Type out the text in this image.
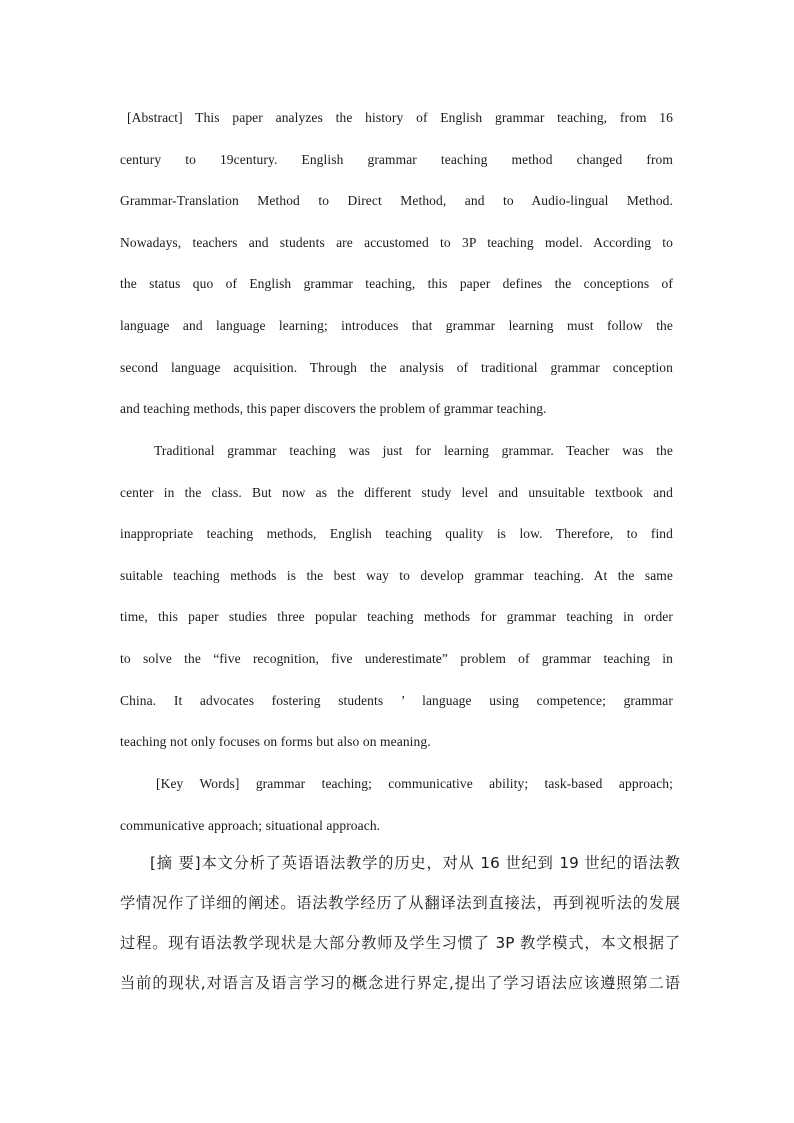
[Abstract] This paper analyzes the history of English grammar teaching, from 16
century to 19century. English grammar teaching method changed from
Grammar-Translation Method to Direct Method, and to Audio-lingual Method.
Nowadays, teachers and students are accustomed to 3P teaching model. According to
the status quo of English grammar teaching, this paper defines the conceptions of
language and language learning; introduces that grammar learning must follow the
second language acquisition. Through the analysis of traditional grammar conception
and teaching methods, this paper discovers the problem of grammar teaching.

Traditional grammar teaching was just for learning grammar. Teacher was the
center in the class. But now as the different study level and unsuitable textbook and
inappropriate teaching methods, English teaching quality is low. Therefore, to find
suitable teaching methods is the best way to develop grammar teaching. At the same
time, this paper studies three popular teaching methods for grammar teaching in order
to solve the “five recognition, five underestimate” problem of grammar teaching in
China. It advocates fostering students ’ language using competence; grammar
teaching not only focuses on forms but also on meaning.

[Key Words] grammar teaching; communicative ability; task-based approach;
communicative approach; situational approach.

[摘 要]本文分析了英语语法教学的历史，对从 16 世纪到 19 世纪的语法教
学情况作了详细的阐述。语法教学经历了从翻译法到直接法，再到视听法的发展
过程。现有语法教学现状是大部分教师及学生习惯了 3P 教学模式，本文根据了
当前的现状,对语言及语言学习的概念进行界定,提出了学习语法应该遵照第二语
